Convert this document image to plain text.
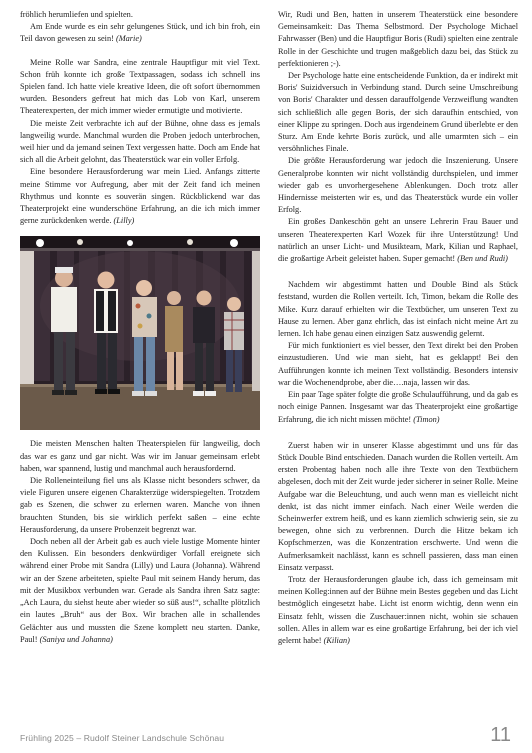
fröhlich herumliefen und spielten.

Am Ende wurde es ein sehr gelungenes Stück, und ich bin froh, ein Teil davon gewesen zu sein! (Marie)

Meine Rolle war Sandra, eine zentrale Hauptfigur mit viel Text. Schon früh konnte ich große Textpassagen, sodass ich schnell ins Spielen fand. Ich hatte viele kreative Ideen, die oft sofort übernommen wurden. Besonders gefreut hat mich das Lob von Karl, unserem Theaterexperten, der mich immer wieder ermutigte und motivierte.

Die meiste Zeit verbrachte ich auf der Bühne, ohne dass es jemals langweilig wurde. Manchmal wurden die Proben jedoch unterbrochen, weil hier und da jemand seinen Text vergessen hatte. Doch am Ende hat sich all die Arbeit gelohnt, das Theaterstück war ein voller Erfolg.

Eine besondere Herausforderung war mein Lied. Anfangs zitterte meine Stimme vor Aufregung, aber mit der Zeit fand ich meinen Rhythmus und konnte es souverän singen. Rückblickend war das Theaterprojekt eine wunderschöne Erfahrung, an die ich mich immer gerne zurückdenken werde. (Lilly)

Die meisten Menschen halten Theaterspielen für langweilig, doch das war es ganz und gar nicht. Was wir im Januar gemeinsam erlebt haben, war spannend, lustig und manchmal auch herausfordernd.

Die Rolleneinteilung fiel uns als Klasse nicht besonders schwer, da viele Figuren unsere eigenen Charakterzüge widerspiegelten. Trotzdem gab es Szenen, die schwer zu erlernen waren. Manche von ihnen brauchten Stunden, bis sie wirklich perfekt saßen – eine echte Herausforderung, da unsere Probenzeit begrenzt war.

Doch neben all der Arbeit gab es auch viele lustige Momente hinter den Kulissen. Ein besonders denkwürdiger Vorfall ereignete sich während einer Probe mit Sandra (Lilly) und Laura (Johanna). Während wir an der Szene arbeiteten, spielte Paul mit seinem Handy herum, das mit der Musikbox verbunden war. Gerade als Sandra ihren Satz sagte: „Ach Laura, du siehst heute aber wieder so süß aus!“, schallte plötzlich ein lautes „Bruh“ aus der Box. Wir brachen alle in schallendes Gelächter aus und mussten die Szene komplett neu starten. Danke, Paul! (Saniya und Johanna)

Wir, Rudi und Ben, hatten in unserem Theaterstück eine besondere Gemeinsamkeit: Das Thema Selbstmord. Der Psychologe Michael Fahrwasser (Ben) und die Hauptfigur Boris (Rudi) spielten eine zentrale Rolle in der Geschichte und trugen maßgeblich dazu bei, das Stück zu perfektionieren ;-).

Der Psychologe hatte eine entscheidende Funktion, da er indirekt mit Boris' Suizidversuch in Verbindung stand. Durch seine Umschreibung von Boris' Charakter und dessen darauffolgende Verzweiflung wandten sich schließlich alle gegen Boris, der sich daraufhin entschied, von einer Klippe zu springen. Doch aus irgendeinem Grund überlebte er den Sturz. Am Ende kehrte Boris zurück, und alle umarmten sich – ein versöhnliches Finale.

Die größte Herausforderung war jedoch die Inszenierung. Unsere Generalprobe konnten wir nicht vollständig durchspielen, und immer wieder gab es unvorhergesehene Ablenkungen. Doch trotz aller Hindernisse meisterten wir es, und das Theaterstück wurde ein voller Erfolg.

Ein großes Dankeschön geht an unsere Lehrerin Frau Bauer und unseren Theaterexperten Karl Wozek für ihre Unterstützung! Und natürlich an unser Licht- und Musikteam, Mark, Kilian und Raphael, die großartige Arbeit geleistet haben. Super gemacht! (Ben und Rudi)

Nachdem wir abgestimmt hatten und Double Bind als Stück feststand, wurden die Rollen verteilt. Ich, Timon, bekam die Rolle des Mike. Kurz darauf erhielten wir die Textbücher, um unseren Text zu Hause zu lernen. Aber ganz ehrlich, das ist einfach nicht meine Art zu lernen. Ich habe genau einen einzigen Satz auswendig gelernt.

Für mich funktioniert es viel besser, den Text direkt bei den Proben einzustudieren. Und wie man sieht, hat es geklappt! Bei den Aufführungen konnte ich meinen Text vollständig. Besonders intensiv war die Wochenendprobe, aber die….naja, lassen wir das.

Ein paar Tage später folgte die große Schulaufführung, und da gab es noch einige Pannen. Insgesamt war das Theaterprojekt eine großartige Erfahrung, die ich nicht missen möchte! (Timon)

Zuerst haben wir in unserer Klasse abgestimmt und uns für das Stück Double Bind entschieden. Danach wurden die Rollen verteilt. Am ersten Probentag haben noch alle ihre Texte von den Textbüchern abgelesen, doch mit der Zeit wurde jeder sicherer in seiner Rolle. Meine Aufgabe war die Beleuchtung, und auch wenn man es vielleicht nicht denkt, ist das nicht immer einfach. Nach einer Weile werden die Scheinwerfer extrem heiß, und es kann ziemlich schwierig sein, sie zu bewegen, ohne sich zu verbrennen. Durch die Hitze bekam ich Kopfschmerzen, was die Konzentration erschwerte. Und wenn die Aufmerksamkeit nachlässt, kann es schnell passieren, dass man einen Einsatz verpasst.

Trotz der Herausforderungen glaube ich, dass ich gemeinsam mit meinen Kolleg:innen auf der Bühne mein Bestes gegeben und das Licht bestmöglich eingesetzt habe. Licht ist enorm wichtig, denn wenn ein Einsatz fehlt, wissen die Zuschauer:innen nicht, wohin sie schauen sollen. Alles in allem war es eine großartige Erfahrung, bei der ich viel gelernt habe! (Kilian)

Frühling 2025 – Rudolf Steiner Landschule Schönau	11
